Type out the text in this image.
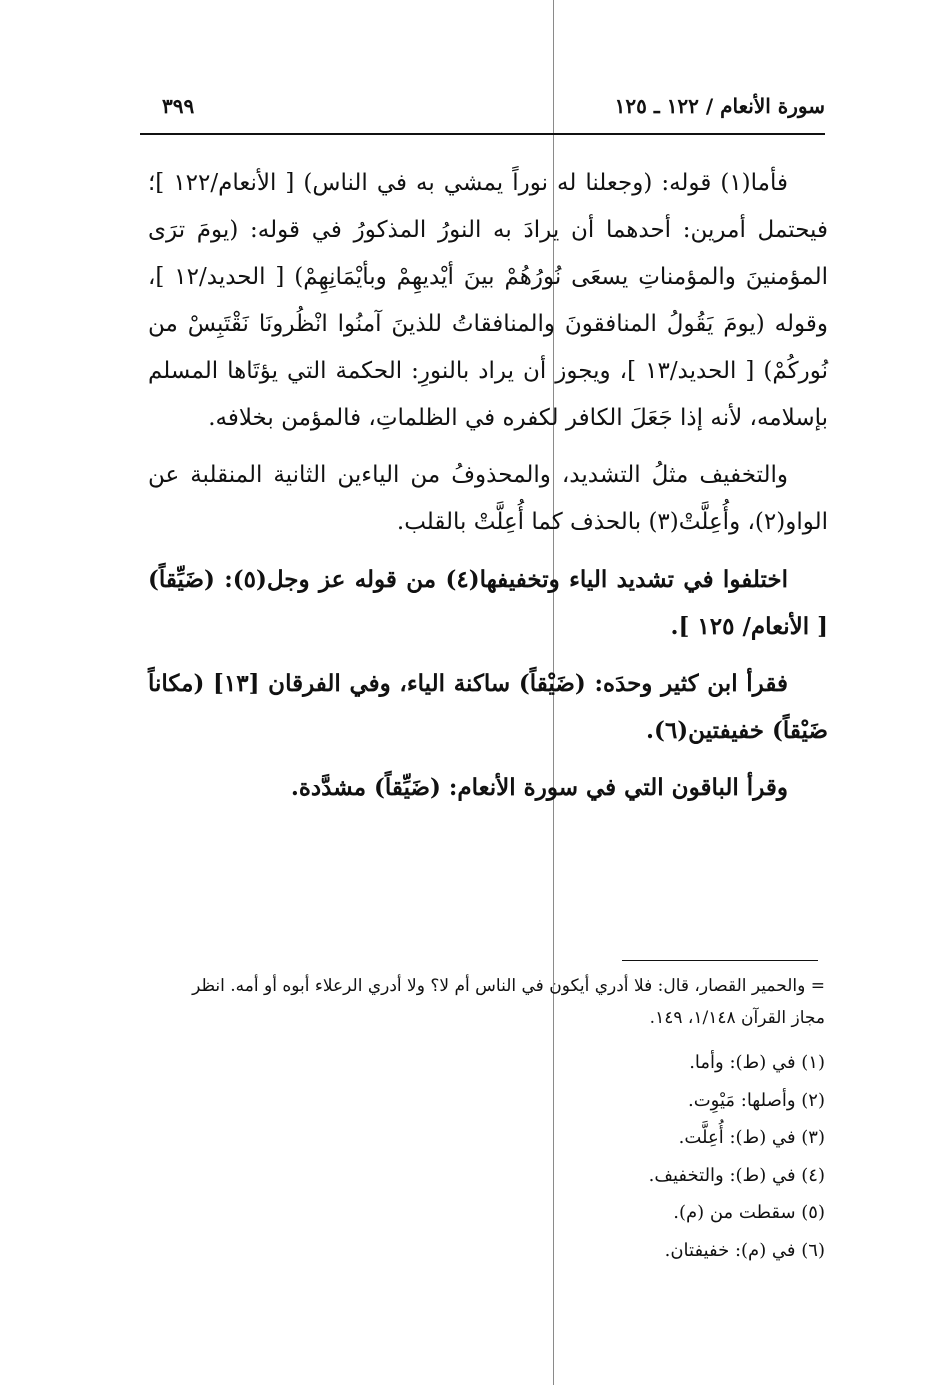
سورة الأنعام / ١٢٢ ـ ١٢٥
٣٩٩

فأما(١) قوله: (وجعلنا له نوراً يمشي به في الناس) [ الأنعام/١٢٢ ]؛ فيحتمل أمرين: أحدهما أن يرادَ به النورُ المذكورُ في قوله: (يومَ ترَى المؤمنينَ والمؤمناتِ يسعَى نُورُهُمْ بينَ أيْديهِمْ وبأيْمَانِهِمْ) [ الحديد/١٢ ]، وقوله (يومَ يَقُولُ المنافقونَ والمنافقاتُ للذينَ آمنُوا انْظُرونَا نَقْتَبِسْ من نُوركُمْ) [ الحديد/١٣ ]، ويجوز أن يراد بالنورِ: الحكمة التي يؤتَاها المسلم بإسلامه، لأنه إذا جَعَلَ الكافر لكفره في الظلماتِ، فالمؤمن بخلافه.

والتخفيف مثلُ التشديد، والمحذوفُ من الياءين الثانية المنقلبة عن الواو(٢)، وأُعِلَّتْ(٣) بالحذف كما أُعِلَّتْ بالقلب.

اختلفوا في تشديد الياء وتخفيفها(٤) من قوله عز وجل(٥): (ضَيِّقاً) [ الأنعام/ ١٢٥ ].

فقرأ ابن كثير وحدَه: (ضَيْقاً) ساكنة الياء، وفي الفرقان [١٣] (مكاناً ضَيْقاً) خفيفتين(٦).

وقرأ الباقون التي في سورة الأنعام: (ضَيِّقاً) مشدَّدة.

= والحمير القصار، قال: فلا أدري أيكون في الناس أم لا؟ ولا أدري الرعلاء أبوه أو أمه. انظر مجاز القرآن ١/١٤٨، ١٤٩.

(١) في (ط): وأما.
(٢) وأصلها: مَيْوِت.
(٣) في (ط): أُعِلَّت.
(٤) في (ط): والتخفيف.
(٥) سقطت من (م).
(٦) في (م): خفيفتان.
